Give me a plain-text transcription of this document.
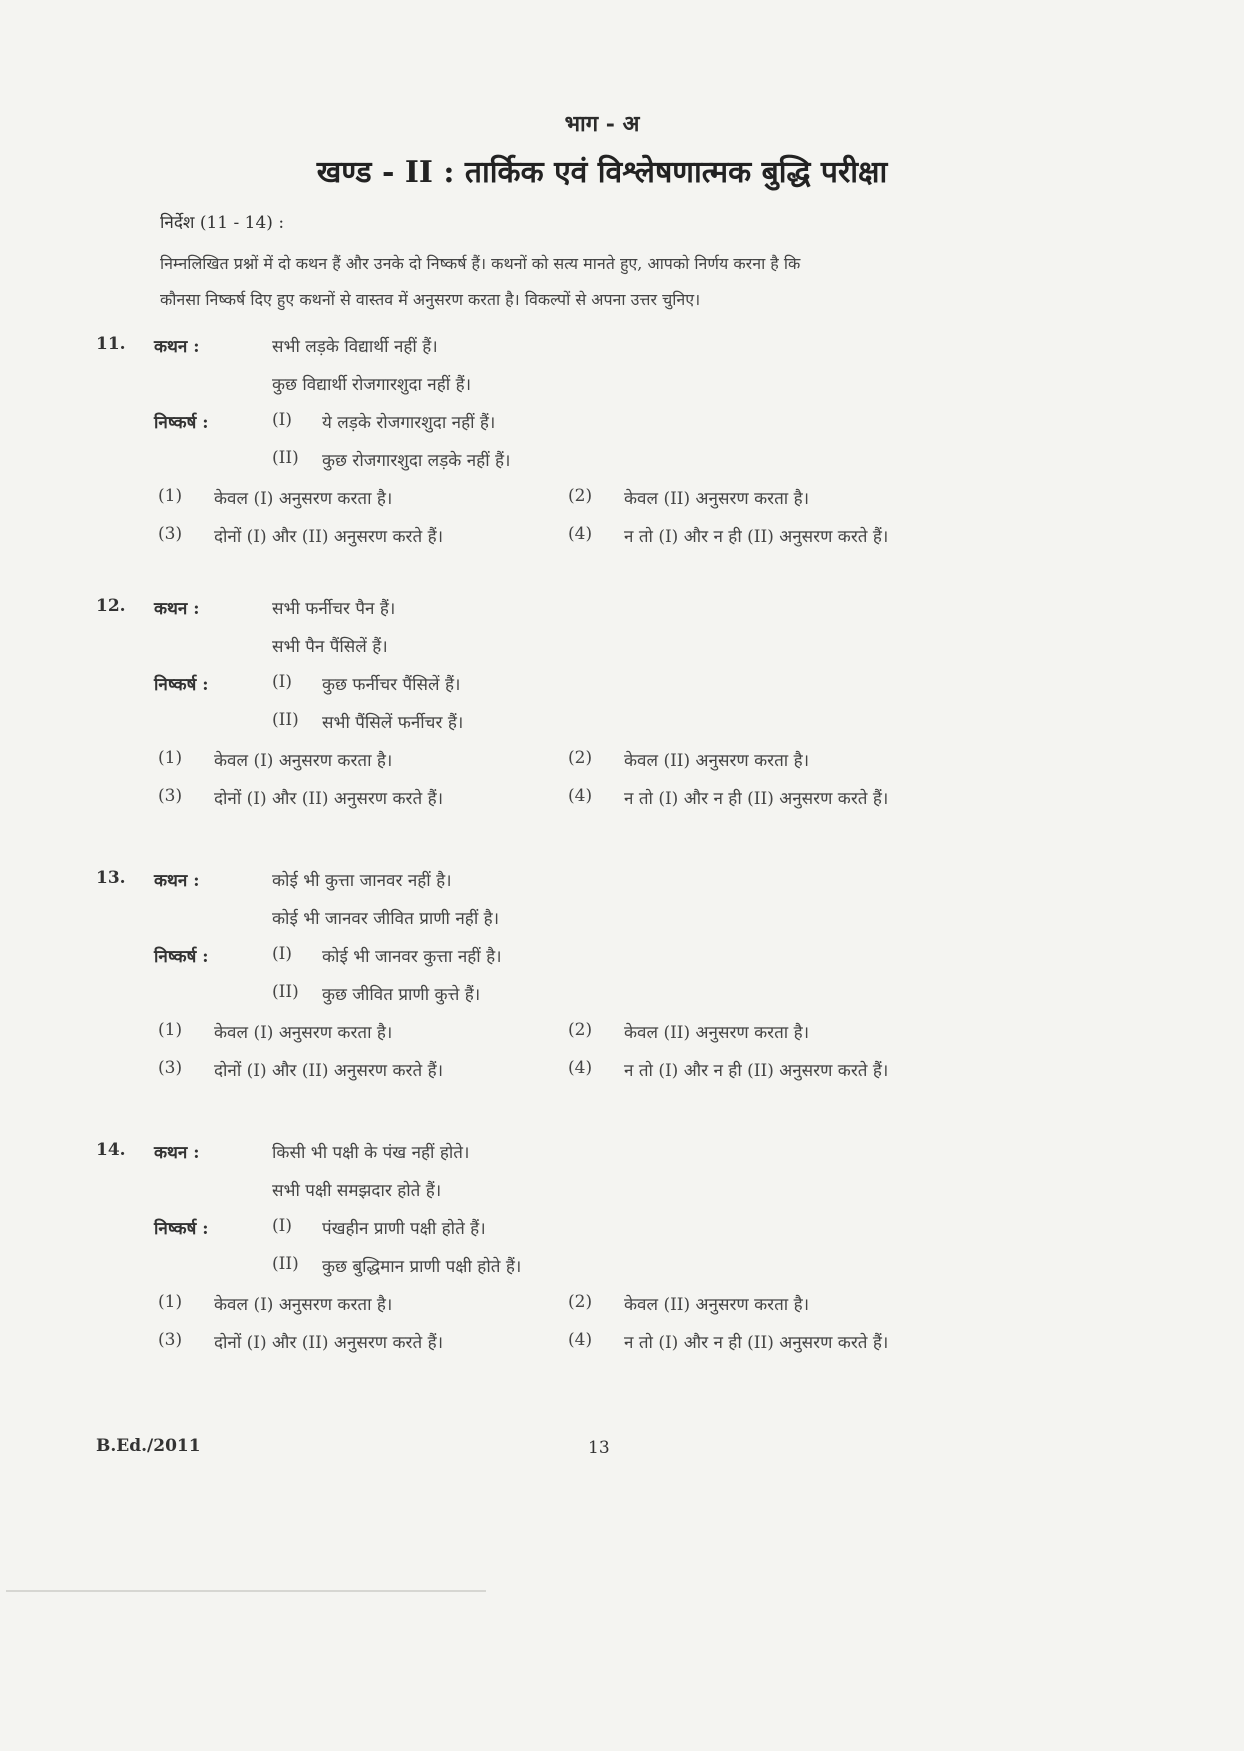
भाग - अ
खण्ड - II : तार्किक एवं विश्लेषणात्मक बुद्धि परीक्षा
निर्देश (11 - 14) :
निम्नलिखित प्रश्नों में दो कथन हैं और उनके दो निष्कर्ष हैं। कथनों को सत्य मानते हुए, आपको निर्णय करना है कि
कौनसा निष्कर्ष दिए हुए कथनों से वास्तव में अनुसरण करता है। विकल्पों से अपना उत्तर चुनिए।
11. कथन :	सभी लड़के विद्यार्थी नहीं हैं।
कुछ विद्यार्थी रोजगारशुदा नहीं हैं।
निष्कर्ष :	(I) ये लड़के रोजगारशुदा नहीं हैं।
(II) कुछ रोजगारशुदा लड़के नहीं हैं।
(1) केवल (I) अनुसरण करता है।	(2) केवल (II) अनुसरण करता है।
(3) दोनों (I) और (II) अनुसरण करते हैं।	(4) न तो (I) और न ही (II) अनुसरण करते हैं।
12. कथन :	सभी फर्नीचर पैन हैं।
सभी पैन पैंसिलें हैं।
निष्कर्ष :	(I) कुछ फर्नीचर पैंसिलें हैं।
(II) सभी पैंसिलें फर्नीचर हैं।
(1) केवल (I) अनुसरण करता है।	(2) केवल (II) अनुसरण करता है।
(3) दोनों (I) और (II) अनुसरण करते हैं।	(4) न तो (I) और न ही (II) अनुसरण करते हैं।
13. कथन :	कोई भी कुत्ता जानवर नहीं है।
कोई भी जानवर जीवित प्राणी नहीं है।
निष्कर्ष :	(I) कोई भी जानवर कुत्ता नहीं है।
(II) कुछ जीवित प्राणी कुत्ते हैं।
(1) केवल (I) अनुसरण करता है।	(2) केवल (II) अनुसरण करता है।
(3) दोनों (I) और (II) अनुसरण करते हैं।	(4) न तो (I) और न ही (II) अनुसरण करते हैं।
14. कथन :	किसी भी पक्षी के पंख नहीं होते।
सभी पक्षी समझदार होते हैं।
निष्कर्ष :	(I) पंखहीन प्राणी पक्षी होते हैं।
(II) कुछ बुद्धिमान प्राणी पक्षी होते हैं।
(1) केवल (I) अनुसरण करता है।	(2) केवल (II) अनुसरण करता है।
(3) दोनों (I) और (II) अनुसरण करते हैं।	(4) न तो (I) और न ही (II) अनुसरण करते हैं।
B.Ed./2011	13
